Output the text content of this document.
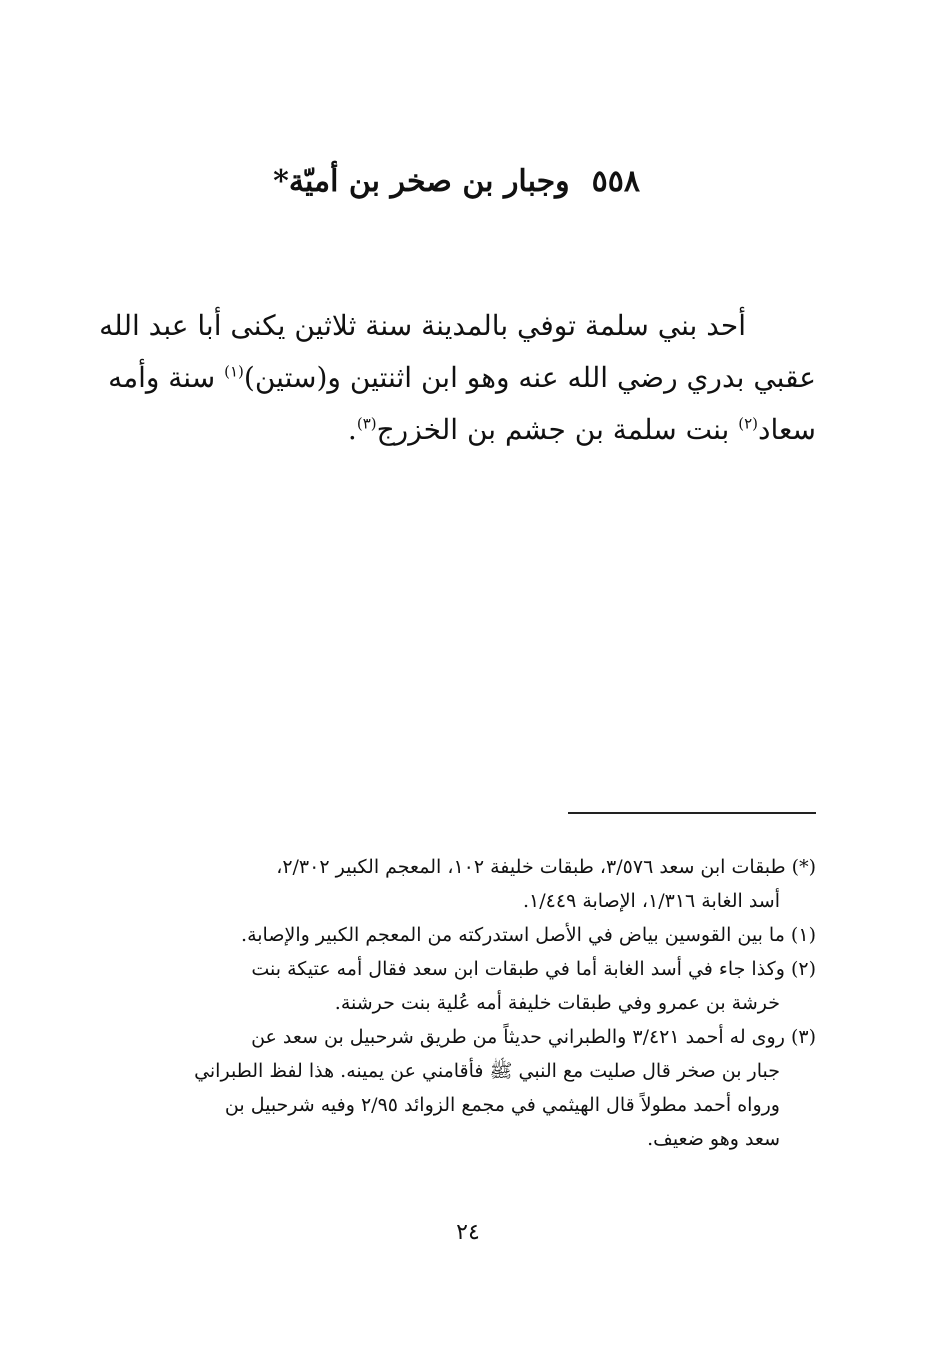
٥٥٨وجبار بن صخر بن أميّة*
أحد بني سلمة توفي بالمدينة سنة ثلاثين يكنى أبا عبد الله
عقبي بدري رضي الله عنه وهو ابن اثنتين و(ستين)$^{(١)}$ سنة وأمه
سعاد$^{(٢)}$ بنت سلمة بن جشم بن الخزرج$^{(٣)}$.
(*) طبقات ابن سعد ٣/٥٧٦، طبقات خليفة ١٠٢، المعجم الكبير ٢/٣٠٢،
أسد الغابة ١/٣١٦، الإصابة ١/٤٤٩.
(١) ما بين القوسين بياض في الأصل استدركته من المعجم الكبير والإصابة.
(٢) وكذا جاء في أسد الغابة أما في طبقات ابن سعد فقال أمه عتيكة بنت
خرشة بن عمرو وفي طبقات خليفة أمه عُلية بنت حرشنة.
(٣) روى له أحمد ٣/٤٢١ والطبراني حديثاً من طريق شرحبيل بن سعد عن
جبار بن صخر قال صليت مع النبي ﷺ فأقامني عن يمينه. هذا لفظ الطبراني
ورواه أحمد مطولاً قال الهيثمي في مجمع الزوائد ٢/٩٥ وفيه شرحبيل بن
سعد وهو ضعيف.
٢٤
